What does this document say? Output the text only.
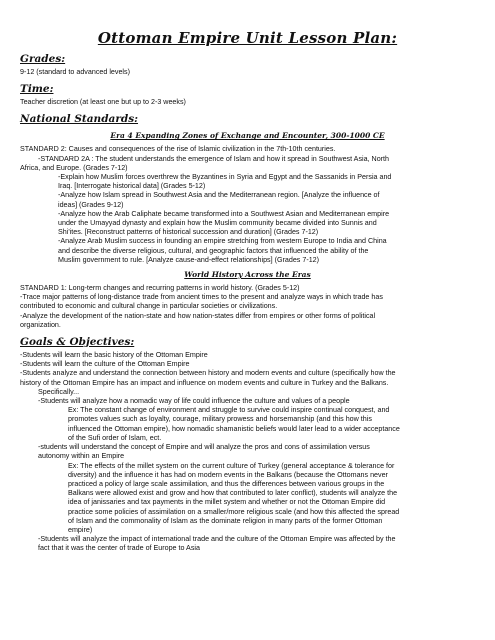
Ottoman Empire Unit Lesson Plan:
Grades:
9-12 (standard to advanced levels)
Time:
Teacher discretion (at least one but up to 2-3 weeks)
National Standards:
Era 4 Expanding Zones of Exchange and Encounter, 300-1000 CE
STANDARD 2: Causes and consequences of the rise of Islamic civilization in the 7th-10th centuries.
-STANDARD 2A : The student understands the emergence of Islam and how it spread in Southwest Asia, North
Africa, and Europe. (Grades 7-12)
-Explain how Muslim forces overthrew the Byzantines in Syria and Egypt and the Sassanids in Persia and
Iraq. [Interrogate historical data] (Grades 5-12)
-Analyze how Islam spread in Southwest Asia and the Mediterranean region. [Analyze the influence of
ideas] (Grades 9-12)
-Analyze how the Arab Caliphate became transformed into a Southwest Asian and Mediterranean empire
under the Umayyad dynasty and explain how the Muslim community became divided into Sunnis and
Shi'ites. [Reconstruct patterns of historical succession and duration] (Grades 7-12)
-Analyze Arab Muslim success in founding an empire stretching from western Europe to India and China
and describe the diverse religious, cultural, and geographic factors that influenced the ability of the
Muslim government to rule. [Analyze cause-and-effect relationships] (Grades 7-12)
World History Across the Eras
STANDARD 1: Long-term changes and recurring patterns in world history. (Grades 5-12)
-Trace major patterns of long-distance trade from ancient times to the present and analyze ways in which trade has
contributed to economic and cultural change in particular societies or civilizations.
-Analyze the development of the nation-state and how nation-states differ from empires or other forms of political
organization.
Goals & Objectives:
-Students will learn the basic history of the Ottoman Empire
-Students will learn the culture of the Ottoman Empire
-Students analyze and understand the connection between history and modern events and culture (specifically how the
history of the Ottoman Empire has an impact and influence on modern events and culture in Turkey and the Balkans.
Specifically...
-Students will analyze how a nomadic way of life could influence the culture and values of a people
Ex: The constant change of environment and struggle to survive could inspire continual conquest, and
promotes values such as loyalty, courage, military prowess and horsemanship (and this how this
influenced the Ottoman empire), how nomadic shamanistic beliefs would later lead to a wider acceptance
of the Sufi order of Islam, ect.
-students will understand the concept of Empire and will analyze the pros and cons of assimilation versus
autonomy within an Empire
Ex: The effects of the millet system on the current culture of Turkey (general acceptance & tolerance for
diversity) and the influence it has had on modern events in the Balkans (because the Ottomans never
practiced a policy of large scale assimilation, and thus the differences between various groups in the
Balkans were allowed exist and grow and how that contributed to later conflict), students will analyze the
idea of janissaries and tax payments in the millet system and whether or not the Ottoman Empire did
practice some policies of assimilation on a smaller/more religious scale (and how this affected the spread
of Islam and the commonality of Islam as the dominate religion in many parts of the former Ottoman
empire)
-Students will analyze the impact of international trade and the culture of the Ottoman Empire was affected by the
fact that it was the center of trade of Europe to Asia
